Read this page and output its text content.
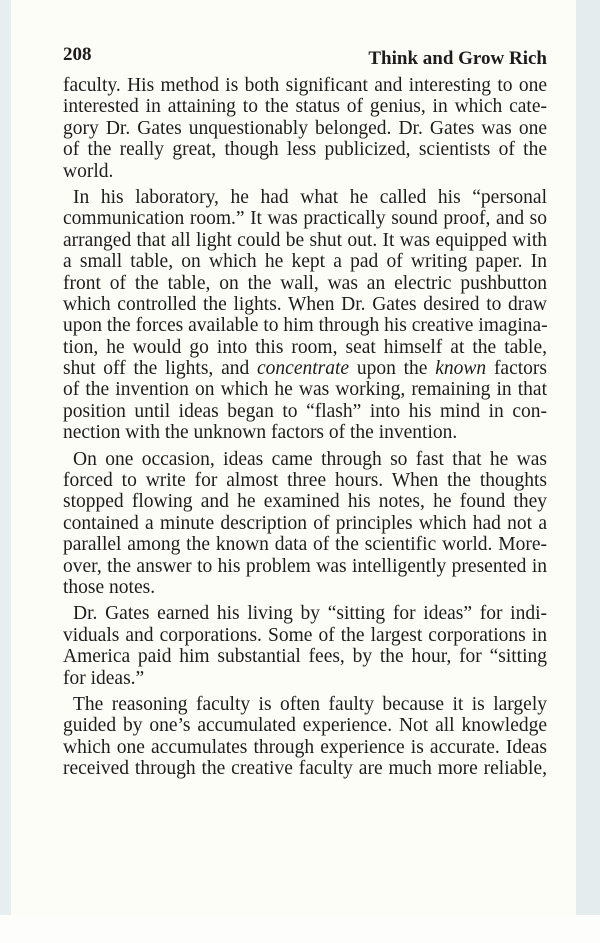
208	Think and Grow Rich
faculty. His method is both significant and interesting to one
interested in attaining to the status of genius, in which cate-
gory Dr. Gates unquestionably belonged. Dr. Gates was one
of the really great, though less publicized, scientists of the
world.
In his laboratory, he had what he called his “personal
communication room.” It was practically sound proof, and so
arranged that all light could be shut out. It was equipped with
a small table, on which he kept a pad of writing paper. In
front of the table, on the wall, was an electric pushbutton
which controlled the lights. When Dr. Gates desired to draw
upon the forces available to him through his creative imagina-
tion, he would go into this room, seat himself at the table,
shut off the lights, and concentrate upon the known factors
of the invention on which he was working, remaining in that
position until ideas began to “flash” into his mind in con-
nection with the unknown factors of the invention.
On one occasion, ideas came through so fast that he was
forced to write for almost three hours. When the thoughts
stopped flowing and he examined his notes, he found they
contained a minute description of principles which had not a
parallel among the known data of the scientific world. More-
over, the answer to his problem was intelligently presented in
those notes.
Dr. Gates earned his living by “sitting for ideas” for indi-
viduals and corporations. Some of the largest corporations in
America paid him substantial fees, by the hour, for “sitting
for ideas.”
The reasoning faculty is often faulty because it is largely
guided by one’s accumulated experience. Not all knowledge
which one accumulates through experience is accurate. Ideas
received through the creative faculty are much more reliable,
